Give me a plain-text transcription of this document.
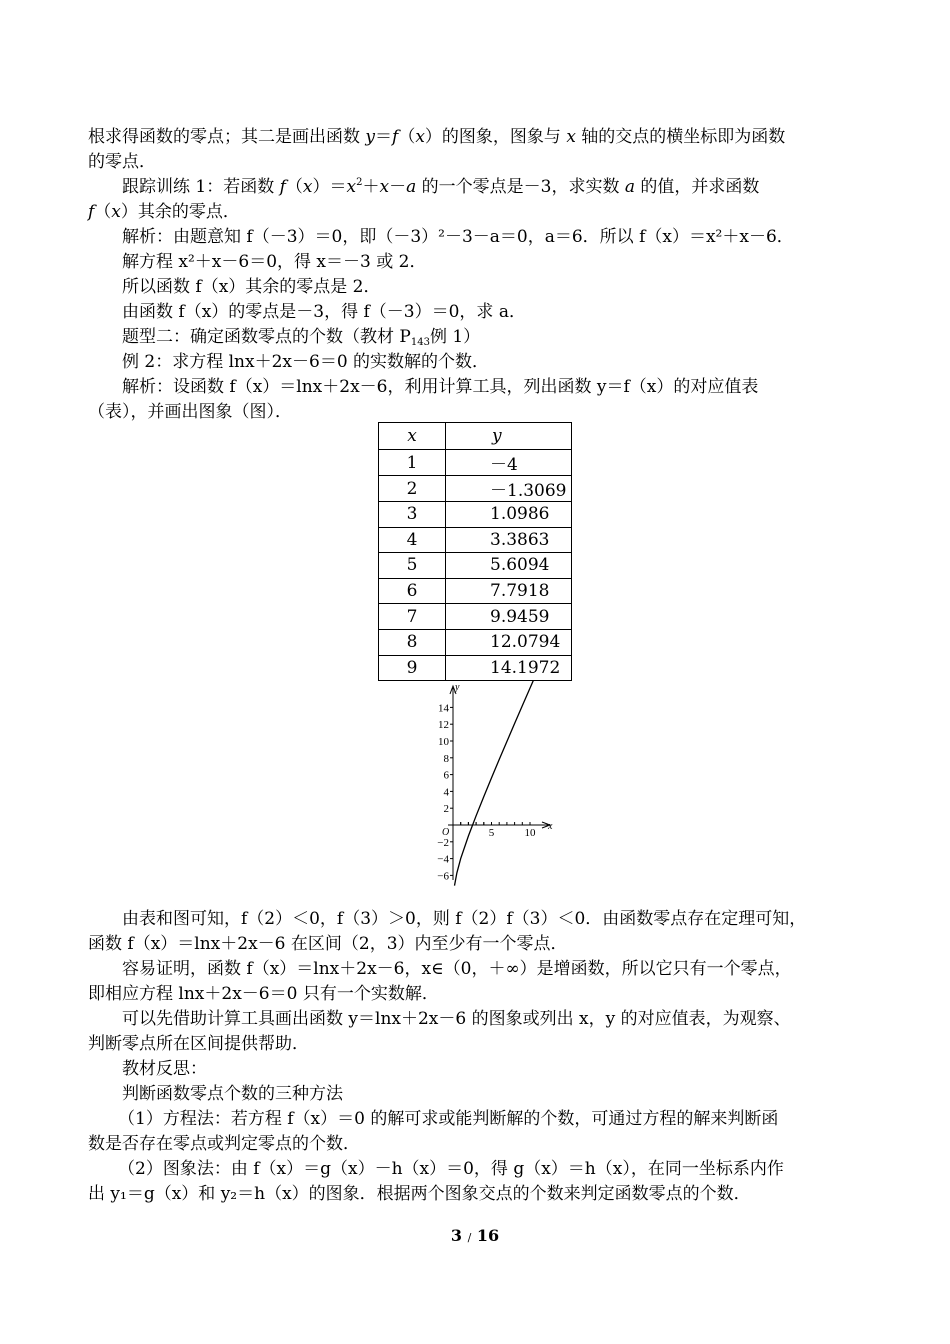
根求得函数的零点；其二是画出函数 y＝f（x）的图象，图象与 x 轴的交点的横坐标即为函数
的零点．
跟踪训练 1：若函数 $f(x)=x^2+x-a$ 的一个零点是－3，求实数 a 的值，并求函数
f（x）其余的零点．
解析：由题意知 f（－3）＝0，即（－3）²－3－a＝0，a＝6．所以 f（x）＝x²＋x－6．
解方程 x²＋x－6＝0，得 x＝－3 或 2．
所以函数 f（x）其余的零点是 2．
由函数 f（x）的零点是－3，得 f（－3）＝0，求 a．
题型二：确定函数零点的个数（教材 $P_{143}$例 1）
例 2：求方程 lnx＋2x－6＝0 的实数解的个数．
解析：设函数 f（x）＝lnx＋2x－6，利用计算工具，列出函数 y＝f（x）的对应值表
（表），并画出图象（图）．
x	y
1	－4
2	－1.3069
3	1.0986
4	3.3863
5	5.6094
6	7.7918
7	9.9459
8	12.0794
9	14.1972
y
x
O
14
12
10
8
6
4
2
−2
−4
−6
5	10
由表和图可知，f（2）＜0，f（3）＞0，则 f（2）f（3）＜0．由函数零点存在定理可知，
函数 f（x）＝lnx＋2x－6 在区间（2，3）内至少有一个零点．
容易证明，函数 f（x）＝lnx＋2x－6，x∈（0，＋∞）是增函数，所以它只有一个零点，
即相应方程 lnx＋2x－6＝0 只有一个实数解．
可以先借助计算工具画出函数 y＝lnx＋2x－6 的图象或列出 x，y 的对应值表，为观察、
判断零点所在区间提供帮助．
教材反思：
判断函数零点个数的三种方法
（1）方程法：若方程 f（x）＝0 的解可求或能判断解的个数，可通过方程的解来判断函
数是否存在零点或判定零点的个数．
（2）图象法：由 f（x）＝g（x）－h（x）＝0，得 g（x）＝h（x），在同一坐标系内作
出 y₁＝g（x）和 y₂＝h（x）的图象．根据两个图象交点的个数来判定函数零点的个数．
3 / 16
